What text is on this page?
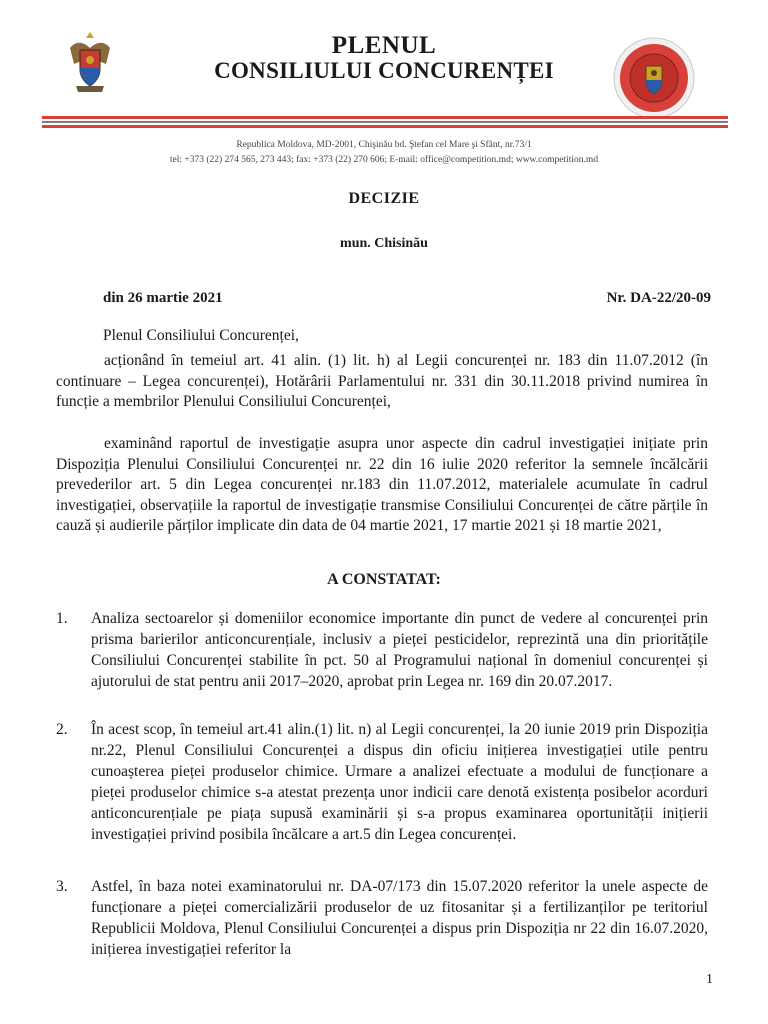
PLENUL
CONSILIULUI CONCURENȚEI
Republica Moldova, MD-2001, Chişinău bd. Ştefan cel Mare şi Sfânt, nr.73/1
tel: +373 (22) 274 565, 273 443; fax: +373 (22) 270 606; E-mail: office@competition.md; www.competition.md
DECIZIE
mun. Chisinău
din 26 martie 2021	Nr. DA-22/20-09
Plenul Consiliului Concurenței,
acționând în temeiul art. 41 alin. (1) lit. h) al Legii concurenței nr. 183 din 11.07.2012 (în continuare – Legea concurenței), Hotărârii Parlamentului nr. 331 din 30.11.2018 privind numirea în funcție a membrilor Plenului Consiliului Concurenței,
examinând raportul de investigație asupra unor aspecte din cadrul investigației inițiate prin Dispoziția Plenului Consiliului Concurenței nr. 22 din 16 iulie 2020 referitor la semnele încălcării prevederilor art. 5 din Legea concurenței nr.183 din 11.07.2012, materialele acumulate în cadrul investigației, observațiile la raportul de investigație transmise Consiliului Concurenței de către părțile în cauză și audierile părților implicate din data de 04 martie 2021, 17 martie 2021 și 18 martie 2021,
A CONSTATAT:
1.	Analiza sectoarelor și domeniilor economice importante din punct de vedere al concurenței prin prisma barierilor anticoncurențiale, inclusiv a pieței pesticidelor, reprezintă una din prioritățile Consiliului Concurenței stabilite în pct. 50 al Programului național în domeniul concurenței și ajutorului de stat pentru anii 2017–2020, aprobat prin Legea nr. 169 din 20.07.2017.
2.	În acest scop, în temeiul art.41 alin.(1) lit. n) al Legii concurenței, la 20 iunie 2019 prin Dispoziția nr.22, Plenul Consiliului Concurenței a dispus din oficiu inițierea investigației utile pentru cunoașterea pieței produselor chimice. Urmare a analizei efectuate a modului de funcționare a pieței produselor chimice s-a atestat prezența unor indicii care denotă existența posibelor acorduri anticoncurențiale pe piața supusă examinării și s-a propus examinarea oportunității inițierii investigației privind posibila încălcare a art.5 din Legea concurenței.
3.	Astfel, în baza notei examinatorului nr. DA-07/173 din 15.07.2020 referitor la unele aspecte de funcționare a pieței comercializării produselor de uz fitosanitar și a fertilizanților pe teritoriul Republicii Moldova, Plenul Consiliului Concurenței a dispus prin Dispoziția nr 22 din 16.07.2020, inițierea investigației referitor la
1
